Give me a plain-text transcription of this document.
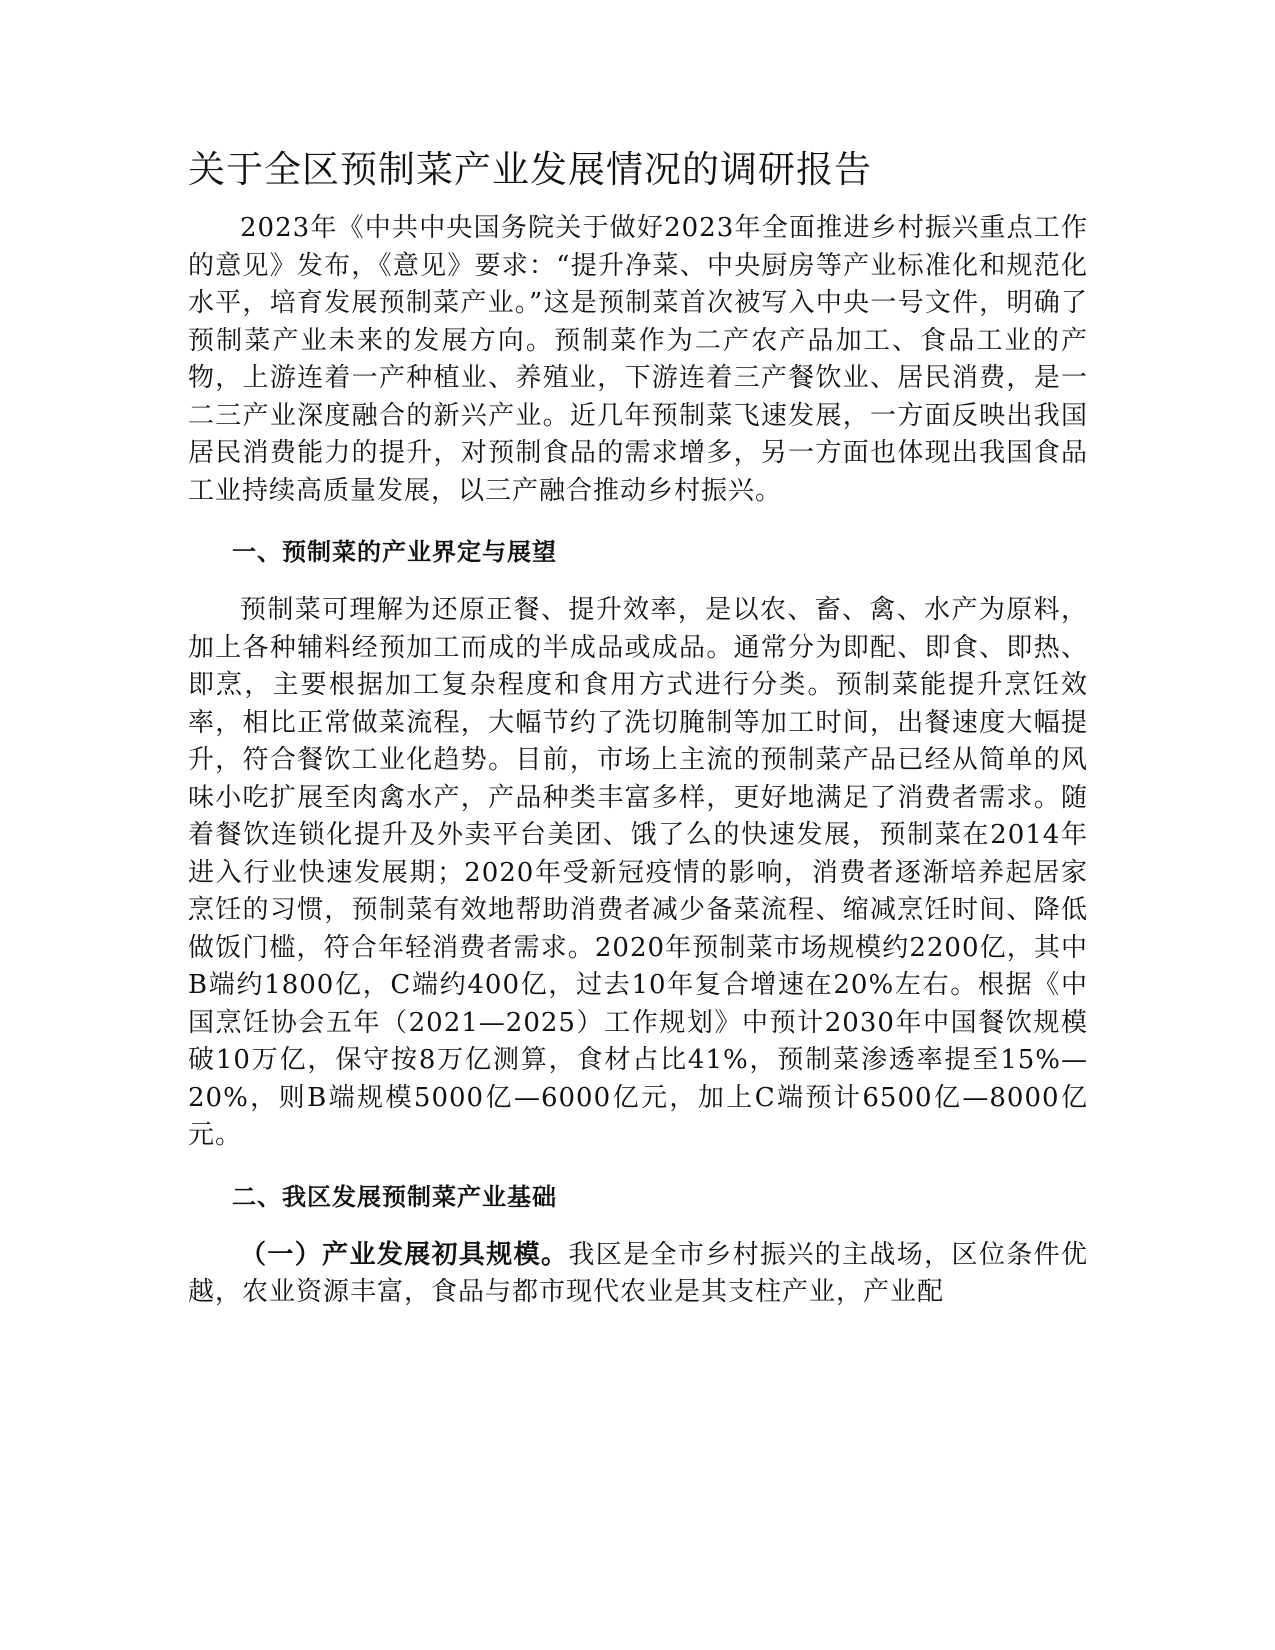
关于全区预制菜产业发展情况的调研报告

2023年《中共中央国务院关于做好2023年全面推进乡村振兴重点工作的意见》发布，《意见》要求：“提升净菜、中央厨房等产业标准化和规范化水平，培育发展预制菜产业。”这是预制菜首次被写入中央一号文件，明确了预制菜产业未来的发展方向。预制菜作为二产农产品加工、食品工业的产物，上游连着一产种植业、养殖业，下游连着三产餐饮业、居民消费，是一二三产业深度融合的新兴产业。近几年预制菜飞速发展，一方面反映出我国居民消费能力的提升，对预制食品的需求增多，另一方面也体现出我国食品工业持续高质量发展，以三产融合推动乡村振兴。

一、预制菜的产业界定与展望

预制菜可理解为还原正餐、提升效率，是以农、畜、禽、水产为原料，加上各种辅料经预加工而成的半成品或成品。通常分为即配、即食、即热、即烹，主要根据加工复杂程度和食用方式进行分类。预制菜能提升烹饪效率，相比正常做菜流程，大幅节约了洗切腌制等加工时间，出餐速度大幅提升，符合餐饮工业化趋势。目前，市场上主流的预制菜产品已经从简单的风味小吃扩展至肉禽水产，产品种类丰富多样，更好地满足了消费者需求。随着餐饮连锁化提升及外卖平台美团、饿了么的快速发展，预制菜在2014年进入行业快速发展期；2020年受新冠疫情的影响，消费者逐渐培养起居家烹饪的习惯，预制菜有效地帮助消费者减少备菜流程、缩减烹饪时间、降低做饭门槛，符合年轻消费者需求。2020年预制菜市场规模约2200亿，其中B端约1800亿，C端约400亿，过去10年复合增速在20%左右。根据《中国烹饪协会五年（2021—2025）工作规划》中预计2030年中国餐饮规模破10万亿，保守按8万亿测算，食材占比41%，预制菜渗透率提至15%—20%，则B端规模5000亿—6000亿元，加上C端预计6500亿—8000亿元。

二、我区发展预制菜产业基础

（一）产业发展初具规模。我区是全市乡村振兴的主战场，区位条件优越，农业资源丰富，食品与都市现代农业是其支柱产业，产业配
